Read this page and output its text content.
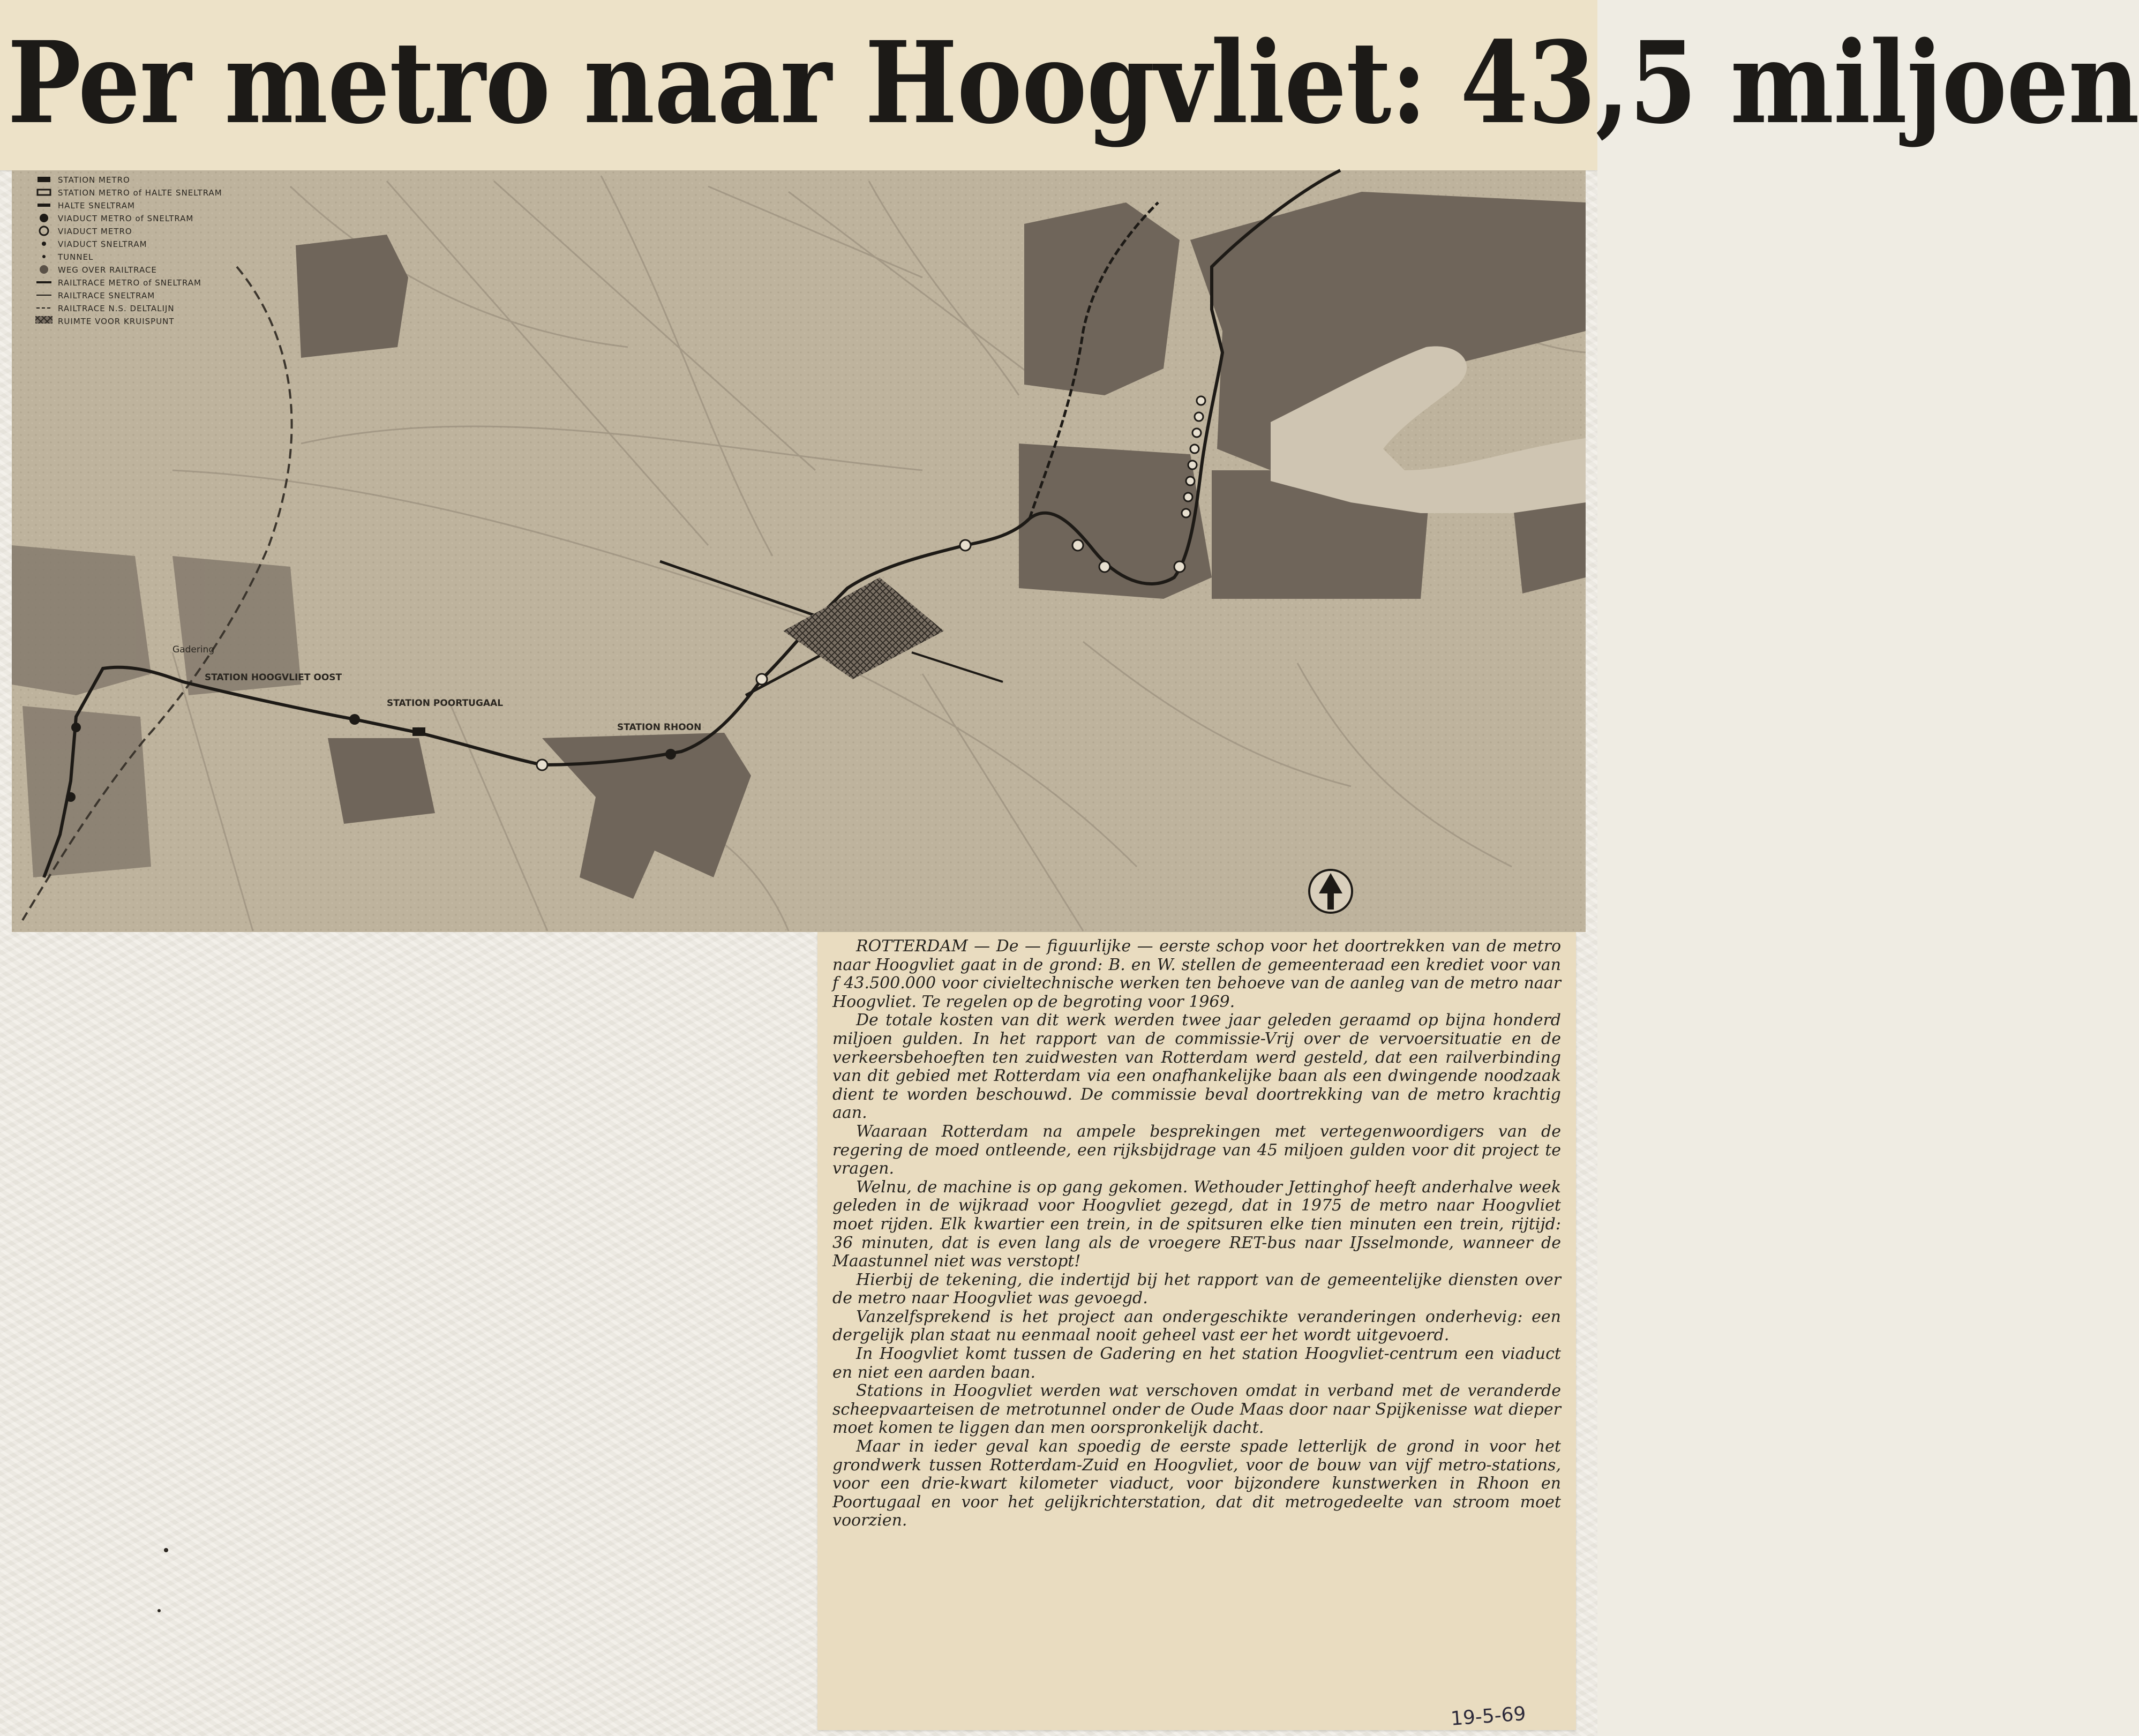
Per metro naar Hoogvliet: 43,5 miljoen
STATION HOOGVLIET OOST
STATION POORTUGAAL
STATION RHOON
Gadering
STATION METRO
STATION METRO of HALTE SNELTRAM
HALTE SNELTRAM
VIADUCT METRO of SNELTRAM
VIADUCT METRO
VIADUCT SNELTRAM
TUNNEL
WEG OVER RAILTRACE
RAILTRACE METRO of SNELTRAM
RAILTRACE SNELTRAM
RAILTRACE N.S. DELTALIJN
RUIMTE VOOR KRUISPUNT

ROTTERDAM — De — figuurlijke — eerste schop voor het doortrekken van de metro naar Hoogvliet gaat in de grond: B. en W. stellen de gemeenteraad een krediet voor van f 43.500.000 voor civieltechnische werken ten behoeve van de aanleg van de metro naar Hoogvliet. Te regelen op de begroting voor 1969.

De totale kosten van dit werk werden twee jaar geleden geraamd op bijna honderd miljoen gulden. In het rapport van de commissie-Vrij over de vervoersituatie en de verkeersbehoeften ten zuidwesten van Rotterdam werd gesteld, dat een railverbinding van dit gebied met Rotterdam via een onafhankelijke baan als een dwingende noodzaak dient te worden beschouwd. De commissie beval doortrekking van de metro krachtig aan.

Waaraan Rotterdam na ampele besprekingen met vertegenwoordigers van de regering de moed ontleende, een rijksbijdrage van 45 miljoen gulden voor dit project te vragen.

Welnu, de machine is op gang gekomen. Wethouder Jettinghof heeft anderhalve week geleden in de wijkraad voor Hoogvliet gezegd, dat in 1975 de metro naar Hoogvliet moet rijden. Elk kwartier een trein, in de spitsuren elke tien minuten een trein, rijtijd: 36 minuten, dat is even lang als de vroegere RET-bus naar IJsselmonde, wanneer de Maastunnel niet was verstopt!

Hierbij de tekening, die indertijd bij het rapport van de gemeentelijke diensten over de metro naar Hoogvliet was gevoegd.

Vanzelfsprekend is het project aan ondergeschikte veranderingen onderhevig: een dergelijk plan staat nu eenmaal nooit geheel vast eer het wordt uitgevoerd.

In Hoogvliet komt tussen de Gadering en het station Hoogvliet-centrum een viaduct en niet een aarden baan.

Stations in Hoogvliet werden wat verschoven omdat in verband met de veranderde scheepvaarteisen de metrotunnel onder de Oude Maas door naar Spijkenisse wat dieper moet komen te liggen dan men oorspronkelijk dacht.

Maar in ieder geval kan spoedig de eerste spade letterlijk de grond in voor het grondwerk tussen Rotterdam-Zuid en Hoogvliet, voor de bouw van vijf metro-stations, voor een drie-kwart kilometer viaduct, voor bijzondere kunstwerken in Rhoon en Poortugaal en voor het gelijkrichterstation, dat dit metrogedeelte van stroom moet voorzien.

19-5-69
